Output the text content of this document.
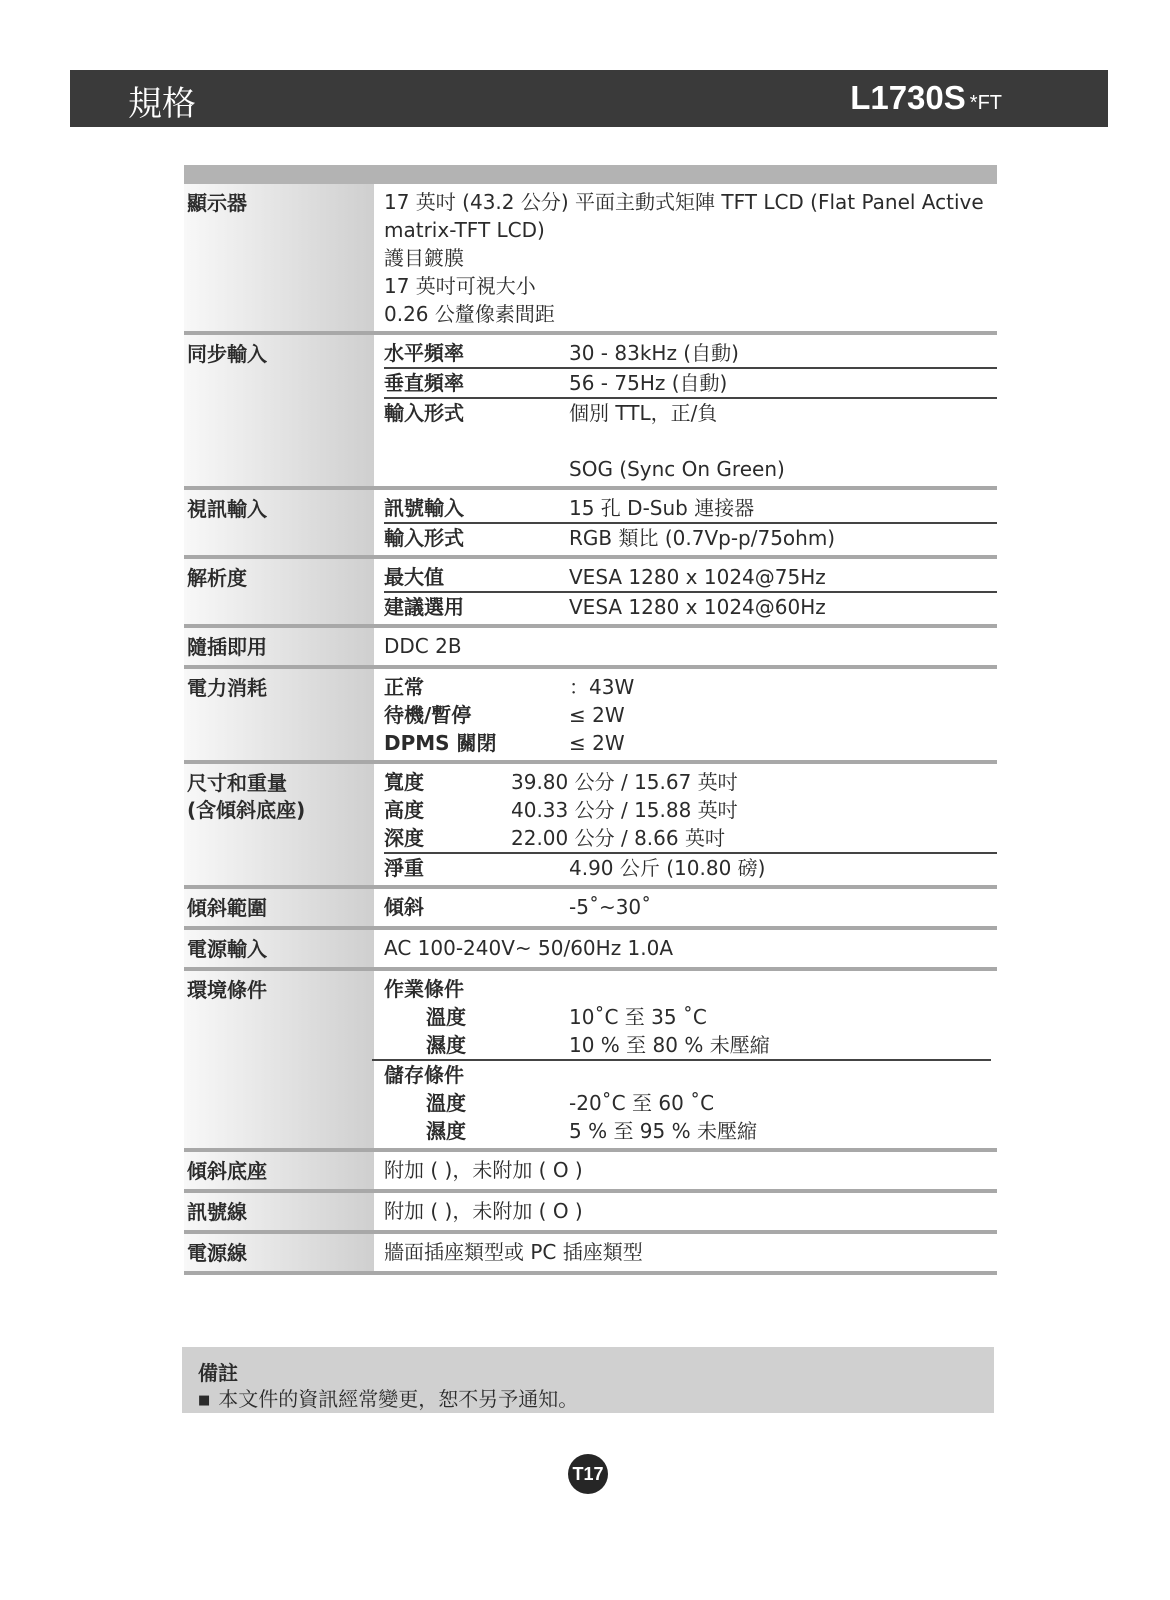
規格	L1730S *FT
顯示器	17 英吋 (43.2 公分) 平面主動式矩陣 TFT LCD (Flat Panel Active
matrix-TFT LCD)
護目鍍膜
17 英吋可視大小
0.26 公釐像素間距
同步輸入	水平頻率	30 - 83kHz (自動)
垂直頻率	56 - 75Hz (自動)
輸入形式	個別 TTL，正/負
SOG (Sync On Green)
視訊輸入	訊號輸入	15 孔 D-Sub 連接器
輸入形式	RGB 類比 (0.7Vp-p/75ohm)
解析度	最大值	VESA 1280 x 1024@75Hz
建議選用	VESA 1280 x 1024@60Hz
隨插即用	DDC 2B
電力消耗	正常	：43W
待機/暫停	≤ 2W
DPMS 關閉	≤ 2W
尺寸和重量
(含傾斜底座)
寬度	39.80 公分 / 15.67 英吋
高度	40.33 公分 / 15.88 英吋
深度	22.00 公分 / 8.66 英吋
淨重	4.90 公斤 (10.80 磅)
傾斜範圍	傾斜	-5˚~30˚
電源輸入	AC 100-240V~ 50/60Hz 1.0A
環境條件	作業條件
溫度	10˚C 至 35 ˚C
濕度	10 % 至 80 % 未壓縮
儲存條件
溫度	-20˚C 至 60 ˚C
濕度	5 % 至 95 % 未壓縮
傾斜底座	附加 ( )，未附加 ( O )
訊號線	附加 ( )，未附加 ( O )
電源線	牆面插座類型或 PC 插座類型
備註
■ 本文件的資訊經常變更，恕不另予通知。
T17
